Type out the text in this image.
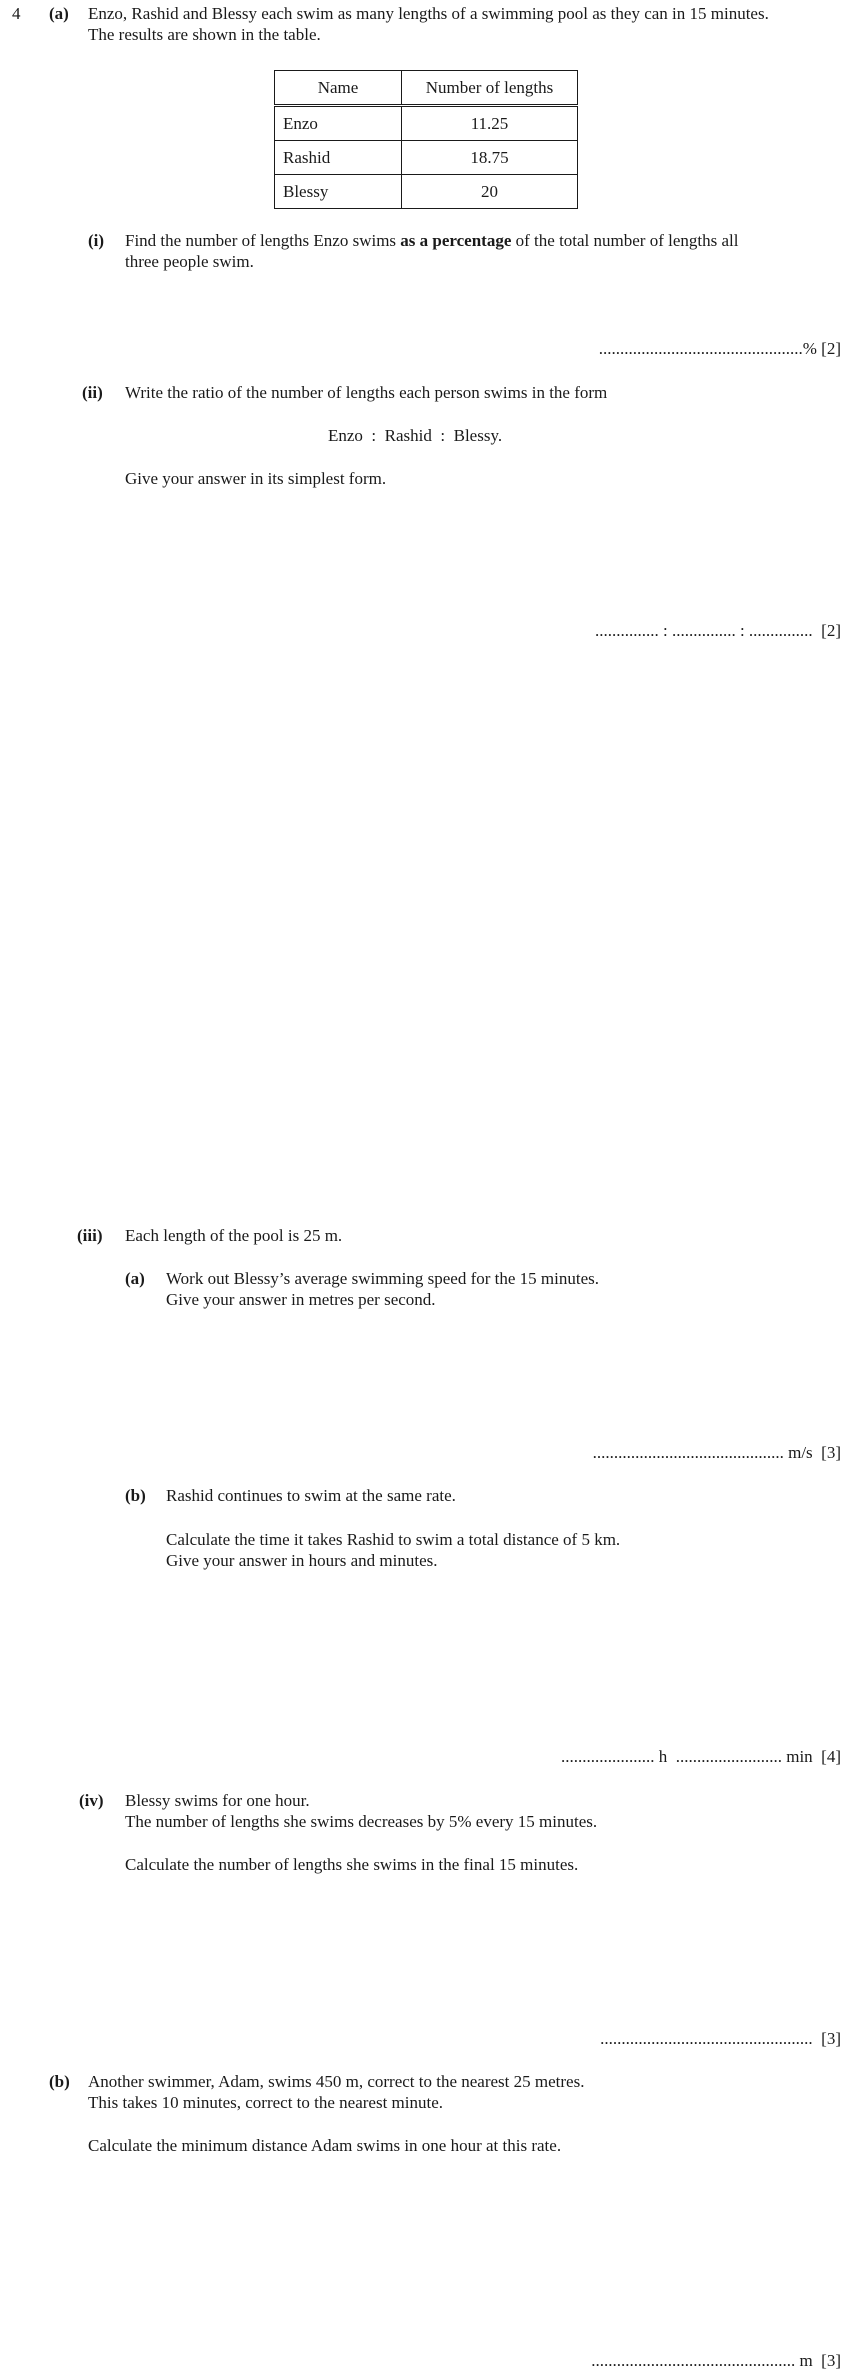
4 (a) Enzo, Rashid and Blessy each swim as many lengths of a swimming pool as they can in 15 minutes.
The results are shown in the table.
Name	Number of lengths
Enzo	11.25
Rashid	18.75
Blessy	20
(i) Find the number of lengths Enzo swims as a percentage of the total number of lengths all
three people swim.
................................................% [2]
(ii) Write the ratio of the number of lengths each person swims in the form
Enzo  :  Rashid  :  Blessy.
Give your answer in its simplest form.
............... : ............... : ...............  [2]
(iii) Each length of the pool is 25 m.
(a) Work out Blessy’s average swimming speed for the 15 minutes.
Give your answer in metres per second.
............................................. m/s  [3]
(b) Rashid continues to swim at the same rate.
Calculate the time it takes Rashid to swim a total distance of 5 km.
Give your answer in hours and minutes.
...................... h  ......................... min  [4]
(iv) Blessy swims for one hour.
The number of lengths she swims decreases by 5% every 15 minutes.
Calculate the number of lengths she swims in the final 15 minutes.
..................................................  [3]
(b) Another swimmer, Adam, swims 450 m, correct to the nearest 25 metres.
This takes 10 minutes, correct to the nearest minute.
Calculate the minimum distance Adam swims in one hour at this rate.
................................................ m  [3]
